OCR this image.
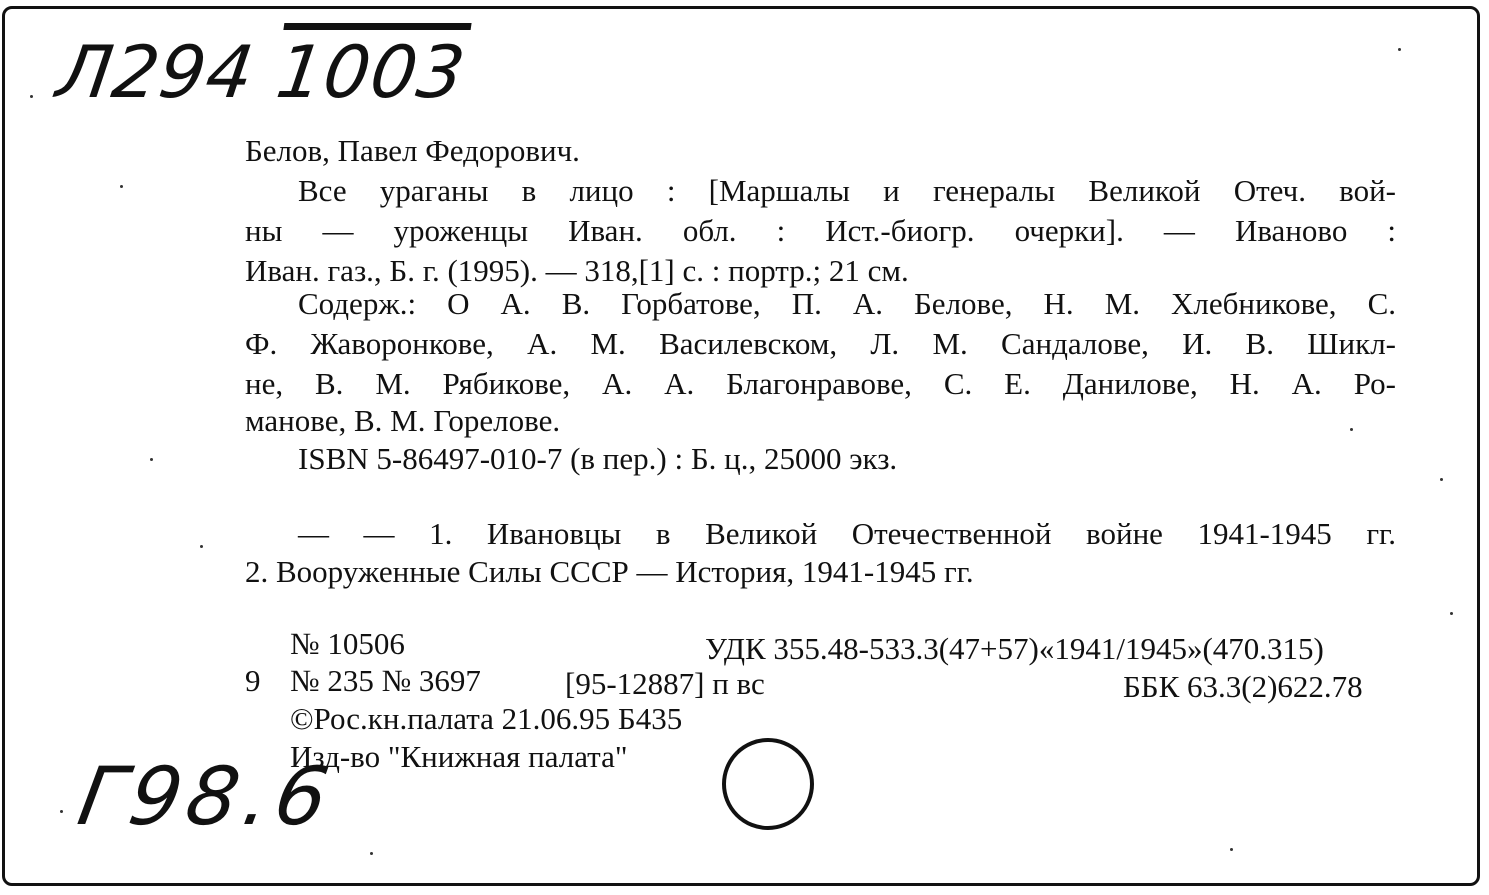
Л294 1003
Белов, Павел Федорович.
Все ураганы в лицо : [Маршалы и генералы Великой Отеч. вой-
ны — уроженцы Иван. обл. : Ист.-биогр. очерки]. — Иваново :
Иван. газ., Б. г. (1995). — 318,[1] с. : портр.; 21 см.
Содерж.: О А. В. Горбатове, П. А. Белове, Н. М. Хлебникове, С.
Ф. Жаворонкове, А. М. Василевском, Л. М. Сандалове, И. В. Шикл-
не, В. М. Рябикове, А. А. Благонравове, С. Е. Данилове, Н. А. Ро-
манове, В. М. Горелове.
ISBN 5-86497-010-7 (в пер.) : Б. ц., 25000 экз.
— — 1. Ивановцы в Великой Отечественной войне 1941-1945 гг.
2. Вооруженные Силы СССР — История, 1941-1945 гг.
№ 10506	УДК 355.48-533.3(47+57)«1941/1945»(470.315)
9 № 235 № 3697	[95-12887] п вс	ББК 63.3(2)622.78
©Рос.кн.палата 21.06.95 Б435
Изд-во "Книжная палата"
Г98.6
